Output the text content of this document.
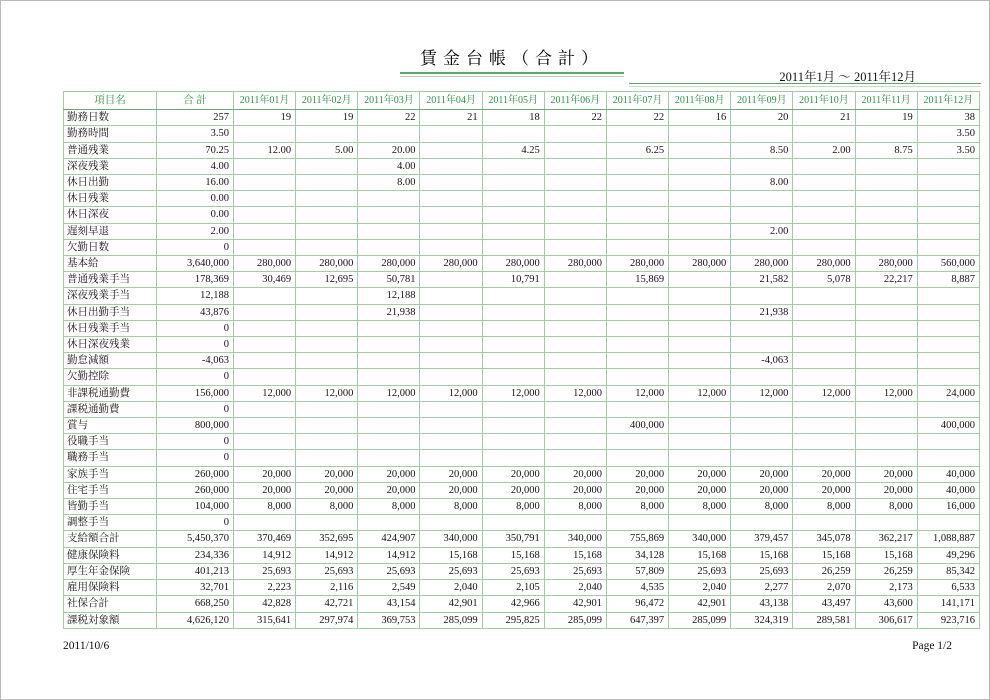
賃金台帳（合計）
2011年1月 ～ 2011年12月
項目名	合 計	2011年01月	2011年02月	2011年03月	2011年04月	2011年05月	2011年06月	2011年07月	2011年08月	2011年09月	2011年10月	2011年11月	2011年12月
勤務日数	257	19	19	22	21	18	22	22	16	20	21	19	38
勤務時間	3.50												3.50
普通残業	70.25	12.00	5.00	20.00		4.25		6.25		8.50	2.00	8.75	3.50
深夜残業	4.00			4.00									
休日出勤	16.00			8.00						8.00			
休日残業	0.00												
休日深夜	0.00												
遅刻早退	2.00									2.00			
欠勤日数	0												
基本給	3,640,000	280,000	280,000	280,000	280,000	280,000	280,000	280,000	280,000	280,000	280,000	280,000	560,000
普通残業手当	178,369	30,469	12,695	50,781		10,791		15,869		21,582	5,078	22,217	8,887
深夜残業手当	12,188			12,188									
休日出勤手当	43,876			21,938						21,938			
休日残業手当	0												
休日深夜残業	0												
勤怠減額	-4,063									-4,063			
欠勤控除	0												
非課税通勤費	156,000	12,000	12,000	12,000	12,000	12,000	12,000	12,000	12,000	12,000	12,000	12,000	24,000
課税通勤費	0												
賞与	800,000							400,000					400,000
役職手当	0												
職務手当	0												
家族手当	260,000	20,000	20,000	20,000	20,000	20,000	20,000	20,000	20,000	20,000	20,000	20,000	40,000
住宅手当	260,000	20,000	20,000	20,000	20,000	20,000	20,000	20,000	20,000	20,000	20,000	20,000	40,000
皆勤手当	104,000	8,000	8,000	8,000	8,000	8,000	8,000	8,000	8,000	8,000	8,000	8,000	16,000
調整手当	0												
支給額合計	5,450,370	370,469	352,695	424,907	340,000	350,791	340,000	755,869	340,000	379,457	345,078	362,217	1,088,887
健康保険料	234,336	14,912	14,912	14,912	15,168	15,168	15,168	34,128	15,168	15,168	15,168	15,168	49,296
厚生年金保険	401,213	25,693	25,693	25,693	25,693	25,693	25,693	57,809	25,693	25,693	26,259	26,259	85,342
雇用保険料	32,701	2,223	2,116	2,549	2,040	2,105	2,040	4,535	2,040	2,277	2,070	2,173	6,533
社保合計	668,250	42,828	42,721	43,154	42,901	42,966	42,901	96,472	42,901	43,138	43,497	43,600	141,171
課税対象額	4,626,120	315,641	297,974	369,753	285,099	295,825	285,099	647,397	285,099	324,319	289,581	306,617	923,716
2011/10/6	Page 1/2
